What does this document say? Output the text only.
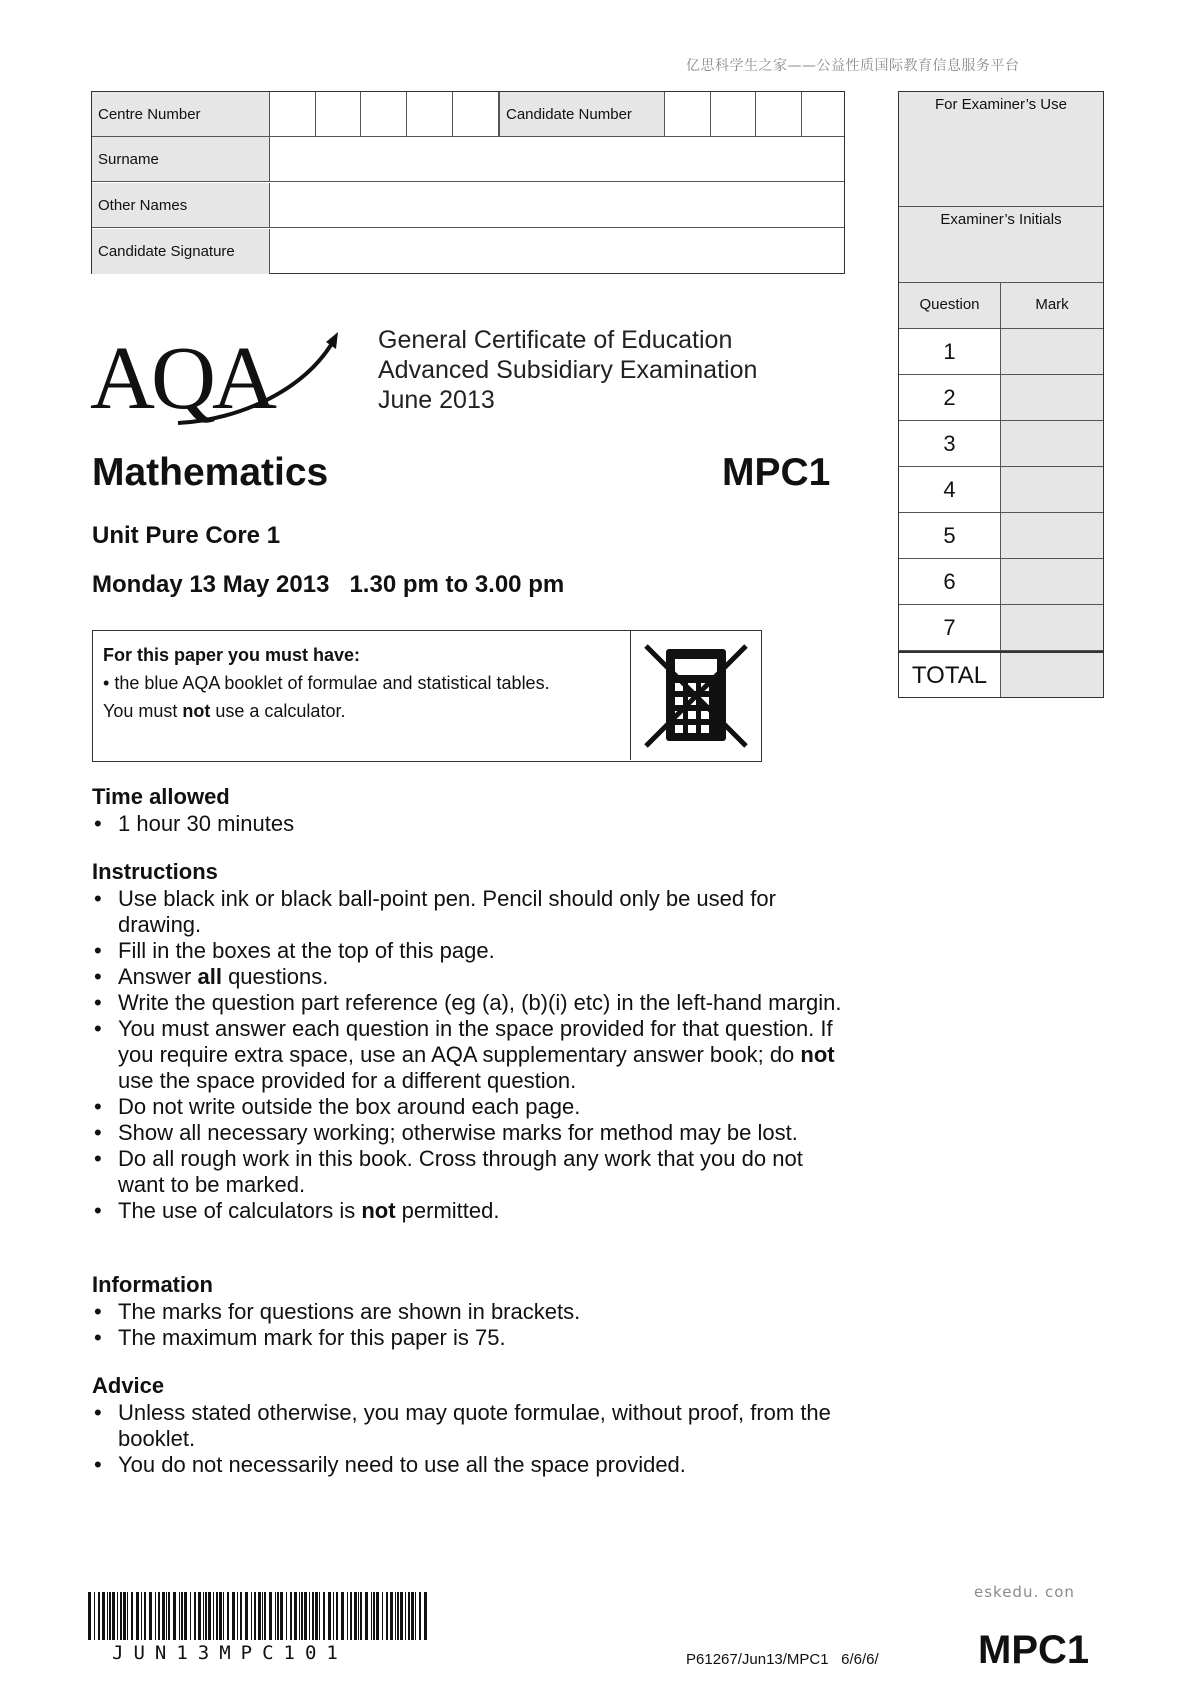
亿思科学生之家——公益性质国际教育信息服务平台
Centre Number	Candidate Number
Surname
Other Names
Candidate Signature
For Examiner’s Use
Examiner’s Initials
Question	Mark
1
2
3
4
5
6
7
TOTAL
AQA	General Certificate of Education
Advanced Subsidiary Examination
June 2013
Mathematics	MPC1
Unit Pure Core 1
Monday 13 May 2013   1.30 pm to 3.00 pm
For this paper you must have:
• the blue AQA booklet of formulae and statistical tables.
You must not use a calculator.
Time allowed
• 1 hour 30 minutes
Instructions
• Use black ink or black ball-point pen. Pencil should only be used for drawing.
• Fill in the boxes at the top of this page.
• Answer all questions.
• Write the question part reference (eg (a), (b)(i) etc) in the left-hand margin.
• You must answer each question in the space provided for that question. If you require extra space, use an AQA supplementary answer book; do not use the space provided for a different question.
• Do not write outside the box around each page.
• Show all necessary working; otherwise marks for method may be lost.
• Do all rough work in this book. Cross through any work that you do not want to be marked.
• The use of calculators is not permitted.
Information
• The marks for questions are shown in brackets.
• The maximum mark for this paper is 75.
Advice
• Unless stated otherwise, you may quote formulae, without proof, from the booklet.
• You do not necessarily need to use all the space provided.
JUN13MPC101
eskedu. con
P61267/Jun13/MPC1   6/6/6/ MPC1
